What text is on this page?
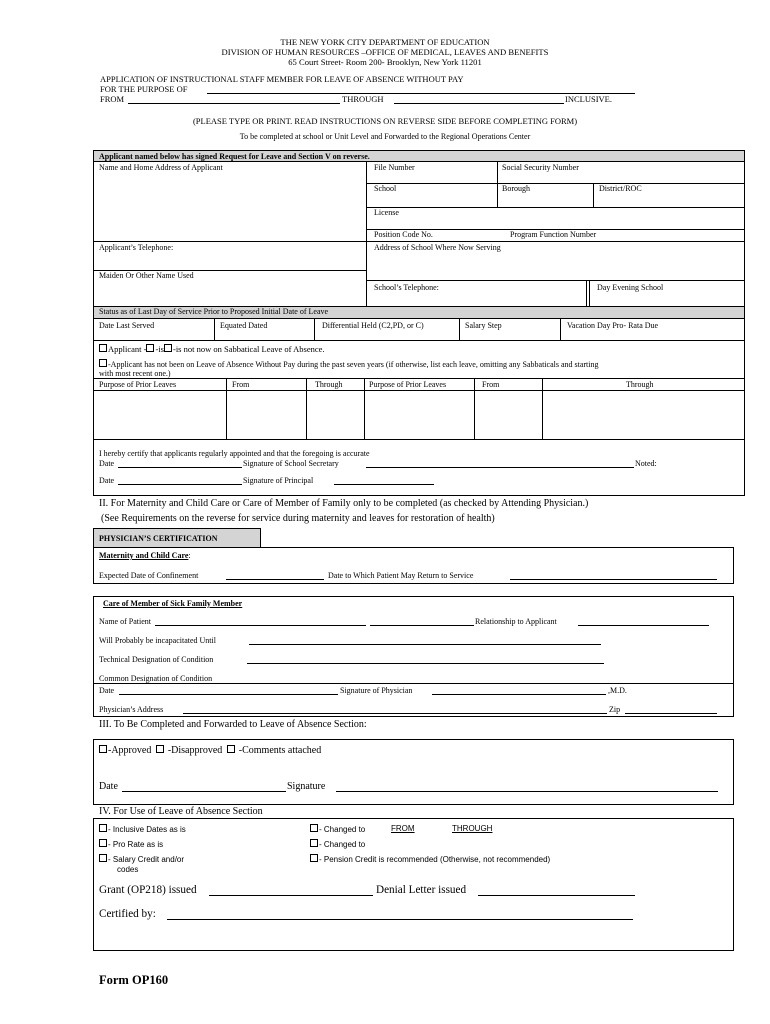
THE NEW YORK CITY DEPARTMENT OF EDUCATION
DIVISION OF HUMAN RESOURCES –OFFICE OF MEDICAL, LEAVES AND BENEFITS
65 Court Street- Room 200- Brooklyn, New York 11201
APPLICATION OF INSTRUCTIONAL STAFF MEMBER FOR LEAVE OF ABSENCE WITHOUT PAY
FOR THE PURPOSE OF
FROM	THROUGH	INCLUSIVE.
(PLEASE TYPE OR PRINT. READ INSTRUCTIONS ON REVERSE SIDE BEFORE COMPLETING FORM)
To be completed at school or Unit Level and Forwarded to the Regional Operations Center
Applicant named below has signed Request for Leave and Section V on reverse.
Name and Home Address of Applicant	File Number	Social Security Number
School	Borough	District/ROC
License
Position Code No.	Program Function Number
Applicant’s Telephone:	Address of School Where Now Serving
Maiden Or Other Name Used
School’s Telephone:	Day Evening School
Status as of Last Day of Service Prior to Proposed Initial Date of Leave
Date Last Served	Equated Dated	Differential Held (C2,PD, or C)	Salary Step	Vacation Day Pro- Rata Due
Applicant - -is -is not now on Sabbatical Leave of Absence.
-Applicant has not been on Leave of Absence Without Pay during the past seven years (if otherwise, list each leave, omitting any Sabbaticals and starting
with most recent one.)
Purpose of Prior Leaves	From	Through	Purpose of Prior Leaves	From	Through
I hereby certify that applicants regularly appointed and that the foregoing is accurate
Date	Signature of School Secretary	Noted:
Date	Signature of Principal
II. For Maternity and Child Care or Care of Member of Family only to be completed (as checked by Attending Physician.)
(See Requirements on the reverse for service during maternity and leaves for restoration of health)
PHYSICIAN’S CERTIFICATION
Maternity and Child Care:
Expected Date of Confinement	Date to Which Patient May Return to Service
Care of Member of Sick Family Member
Name of Patient	Relationship to Applicant
Will Probably be incapacitated Until
Technical Designation of Condition
Common Designation of Condition
Date	Signature of Physician	,M.D.
Physician’s Address	Zip
III. To Be Completed and Forwarded to Leave of Absence Section:
-Approved -Disapproved -Comments attached
Date	Signature
IV. For Use of Leave of Absence Section
- Inclusive Dates as is	- Changed to	FROM	THROUGH
- Pro Rate as is	- Changed to
- Salary Credit and/or
codes
- Pension Credit is recommended (Otherwise, not recommended)
Grant (OP218) issued	Denial Letter issued
Certified by:
Form OP160
